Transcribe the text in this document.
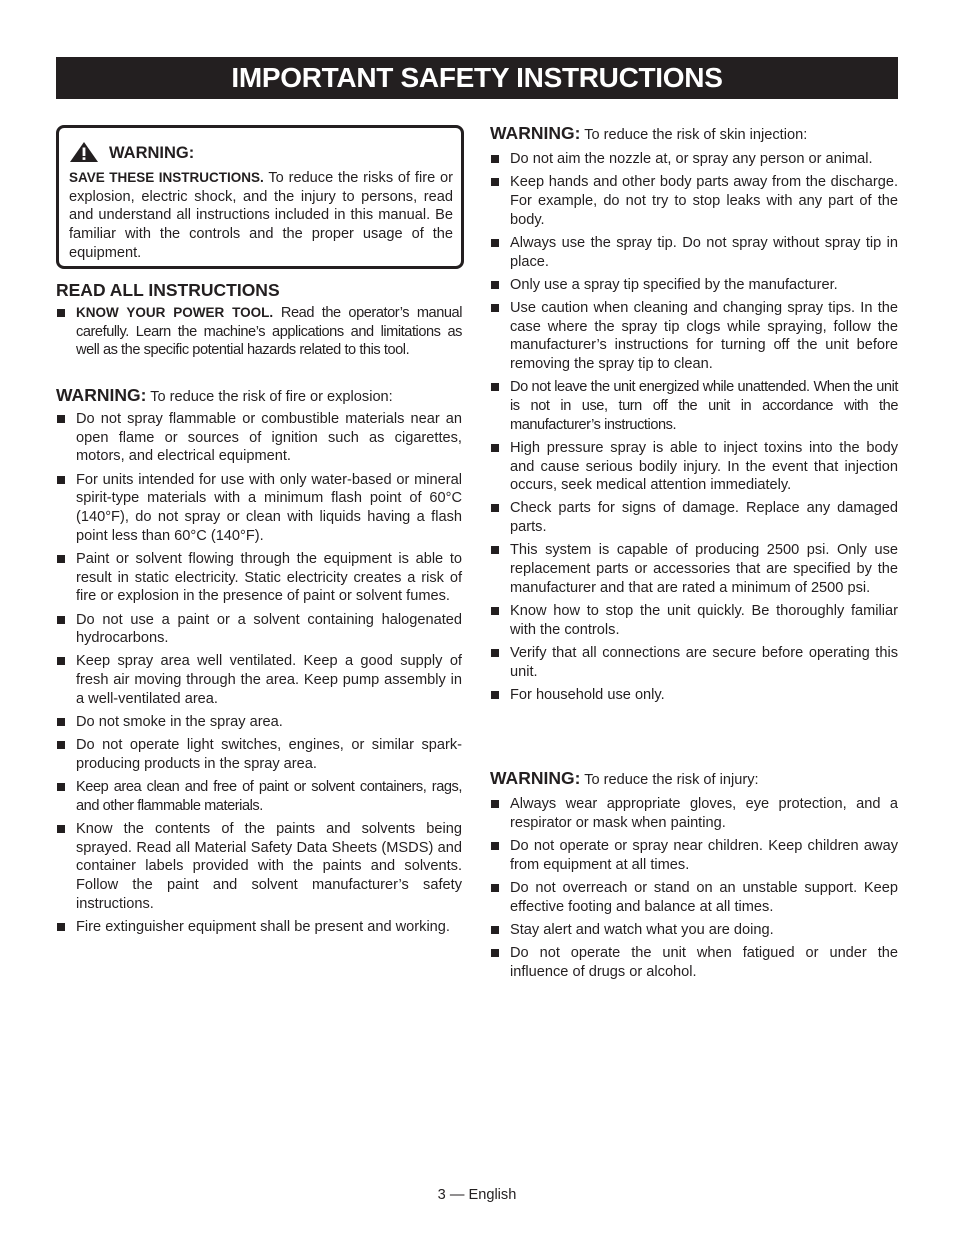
IMPORTANT SAFETY INSTRUCTIONS
WARNING:
SAVE THESE INSTRUCTIONS. To reduce the risks of fire or explosion, electric shock, and the injury to persons, read and understand all instructions included in this manual. Be familiar with the controls and the proper usage of the equipment.
READ ALL INSTRUCTIONS
KNOW YOUR POWER TOOL. Read the operator’s manual carefully. Learn the machine’s applications and limitations as well as the specific potential hazards related to this tool.
WARNING: To reduce the risk of fire or explosion:
Do not spray flammable or combustible materials near an open flame or sources of ignition such as cigarettes, motors, and electrical equipment.
For units intended for use with only water-based or mineral spirit-type materials with a minimum flash point of 60°C (140°F), do not spray or clean with liquids having a flash point less than 60°C (140°F).
Paint or solvent flowing through the equipment is able to result in static electricity. Static electricity creates a risk of fire or explosion in the presence of paint or solvent fumes.
Do not use a paint or a solvent containing halogenated hydrocarbons.
Keep spray area well ventilated. Keep a good supply of fresh air moving through the area. Keep pump assembly in a well-ventilated area.
Do not smoke in the spray area.
Do not operate light switches, engines, or similar spark-producing products in the spray area.
Keep area clean and free of paint or solvent containers, rags, and other flammable materials.
Know the contents of the paints and solvents being sprayed. Read all Material Safety Data Sheets (MSDS) and container labels provided with the paints and solvents. Follow the paint and solvent manufacturer’s safety instructions.
Fire extinguisher equipment shall be present and working.
WARNING: To reduce the risk of skin injection:
Do not aim the nozzle at, or spray any person or animal.
Keep hands and other body parts away from the discharge. For example, do not try to stop leaks with any part of the body.
Always use the spray tip. Do not spray without spray tip in place.
Only use a spray tip specified by the manufacturer.
Use caution when cleaning and changing spray tips. In the case where the spray tip clogs while spraying, follow the manufacturer’s instructions for turning off the unit before removing the spray tip to clean.
Do not leave the unit energized while unattended. When the unit is not in use, turn off the unit in accordance with the manufacturer’s instructions.
High pressure spray is able to inject toxins into the body and cause serious bodily injury. In the event that injection occurs, seek medical attention immediately.
Check parts for signs of damage. Replace any damaged parts.
This system is capable of producing 2500 psi. Only use replacement parts or accessories that are specified by the manufacturer and that are rated a minimum of 2500 psi.
Know how to stop the unit quickly. Be thoroughly familiar with the controls.
Verify that all connections are secure before operating this unit.
For household use only.
WARNING: To reduce the risk of injury:
Always wear appropriate gloves, eye protection, and a respirator or mask when painting.
Do not operate or spray near children. Keep children away from equipment at all times.
Do not overreach or stand on an unstable support. Keep effective footing and balance at all times.
Stay alert and watch what you are doing.
Do not operate the unit when fatigued or under the influence of drugs or alcohol.
3 — English
